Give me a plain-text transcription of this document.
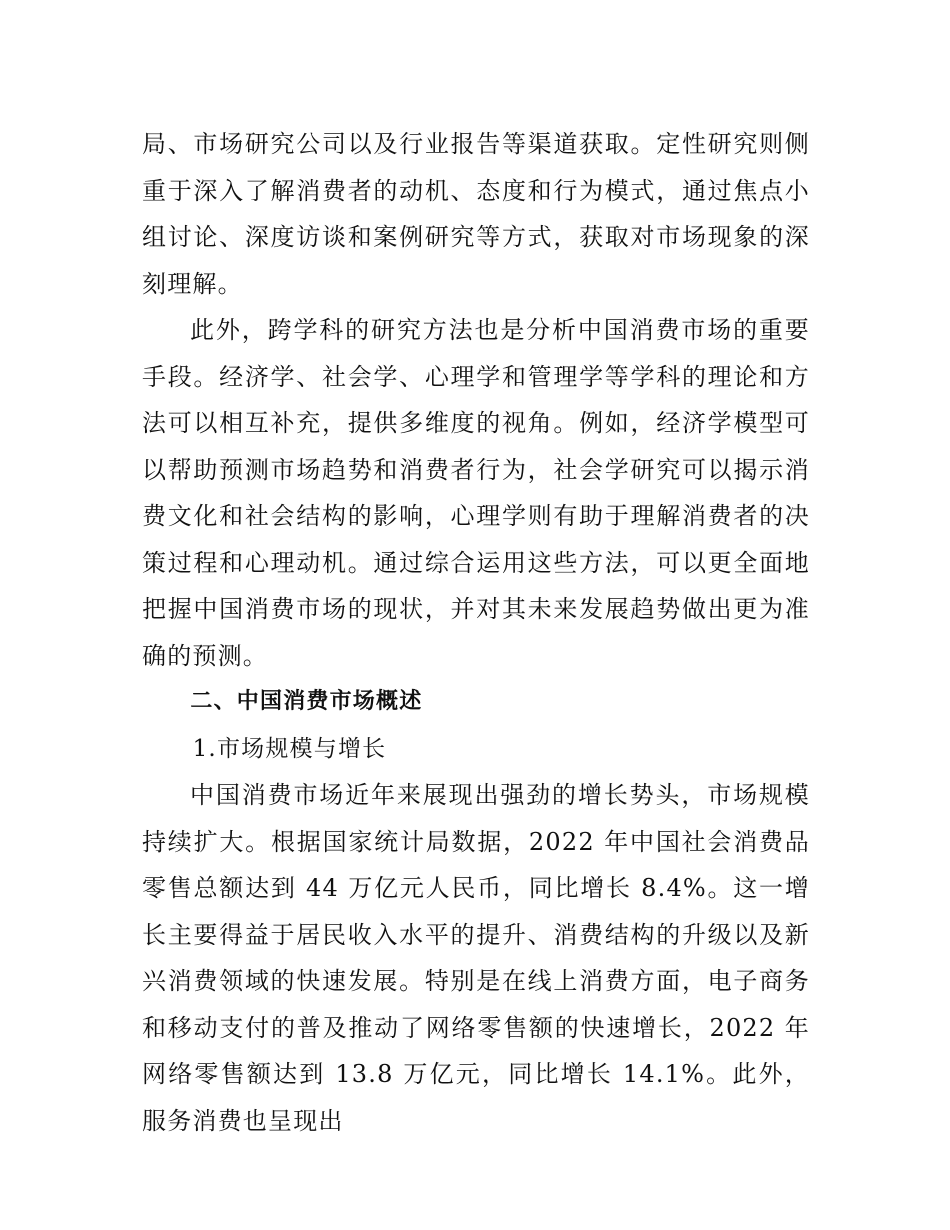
局、市场研究公司以及行业报告等渠道获取。定性研究则侧重于深入了解消费者的动机、态度和行为模式，通过焦点小组讨论、深度访谈和案例研究等方式，获取对市场现象的深刻理解。

此外，跨学科的研究方法也是分析中国消费市场的重要手段。经济学、社会学、心理学和管理学等学科的理论和方法可以相互补充，提供多维度的视角。例如，经济学模型可以帮助预测市场趋势和消费者行为，社会学研究可以揭示消费文化和社会结构的影响，心理学则有助于理解消费者的决策过程和心理动机。通过综合运用这些方法，可以更全面地把握中国消费市场的现状，并对其未来发展趋势做出更为准确的预测。

二、中国消费市场概述

1.市场规模与增长

中国消费市场近年来展现出强劲的增长势头，市场规模持续扩大。根据国家统计局数据，2022 年中国社会消费品零售总额达到 44 万亿元人民币，同比增长 8.4%。这一增长主要得益于居民收入水平的提升、消费结构的升级以及新兴消费领域的快速发展。特别是在线上消费方面，电子商务和移动支付的普及推动了网络零售额的快速增长，2022 年网络零售额达到 13.8 万亿元，同比增长 14.1%。此外，服务消费也呈现出
